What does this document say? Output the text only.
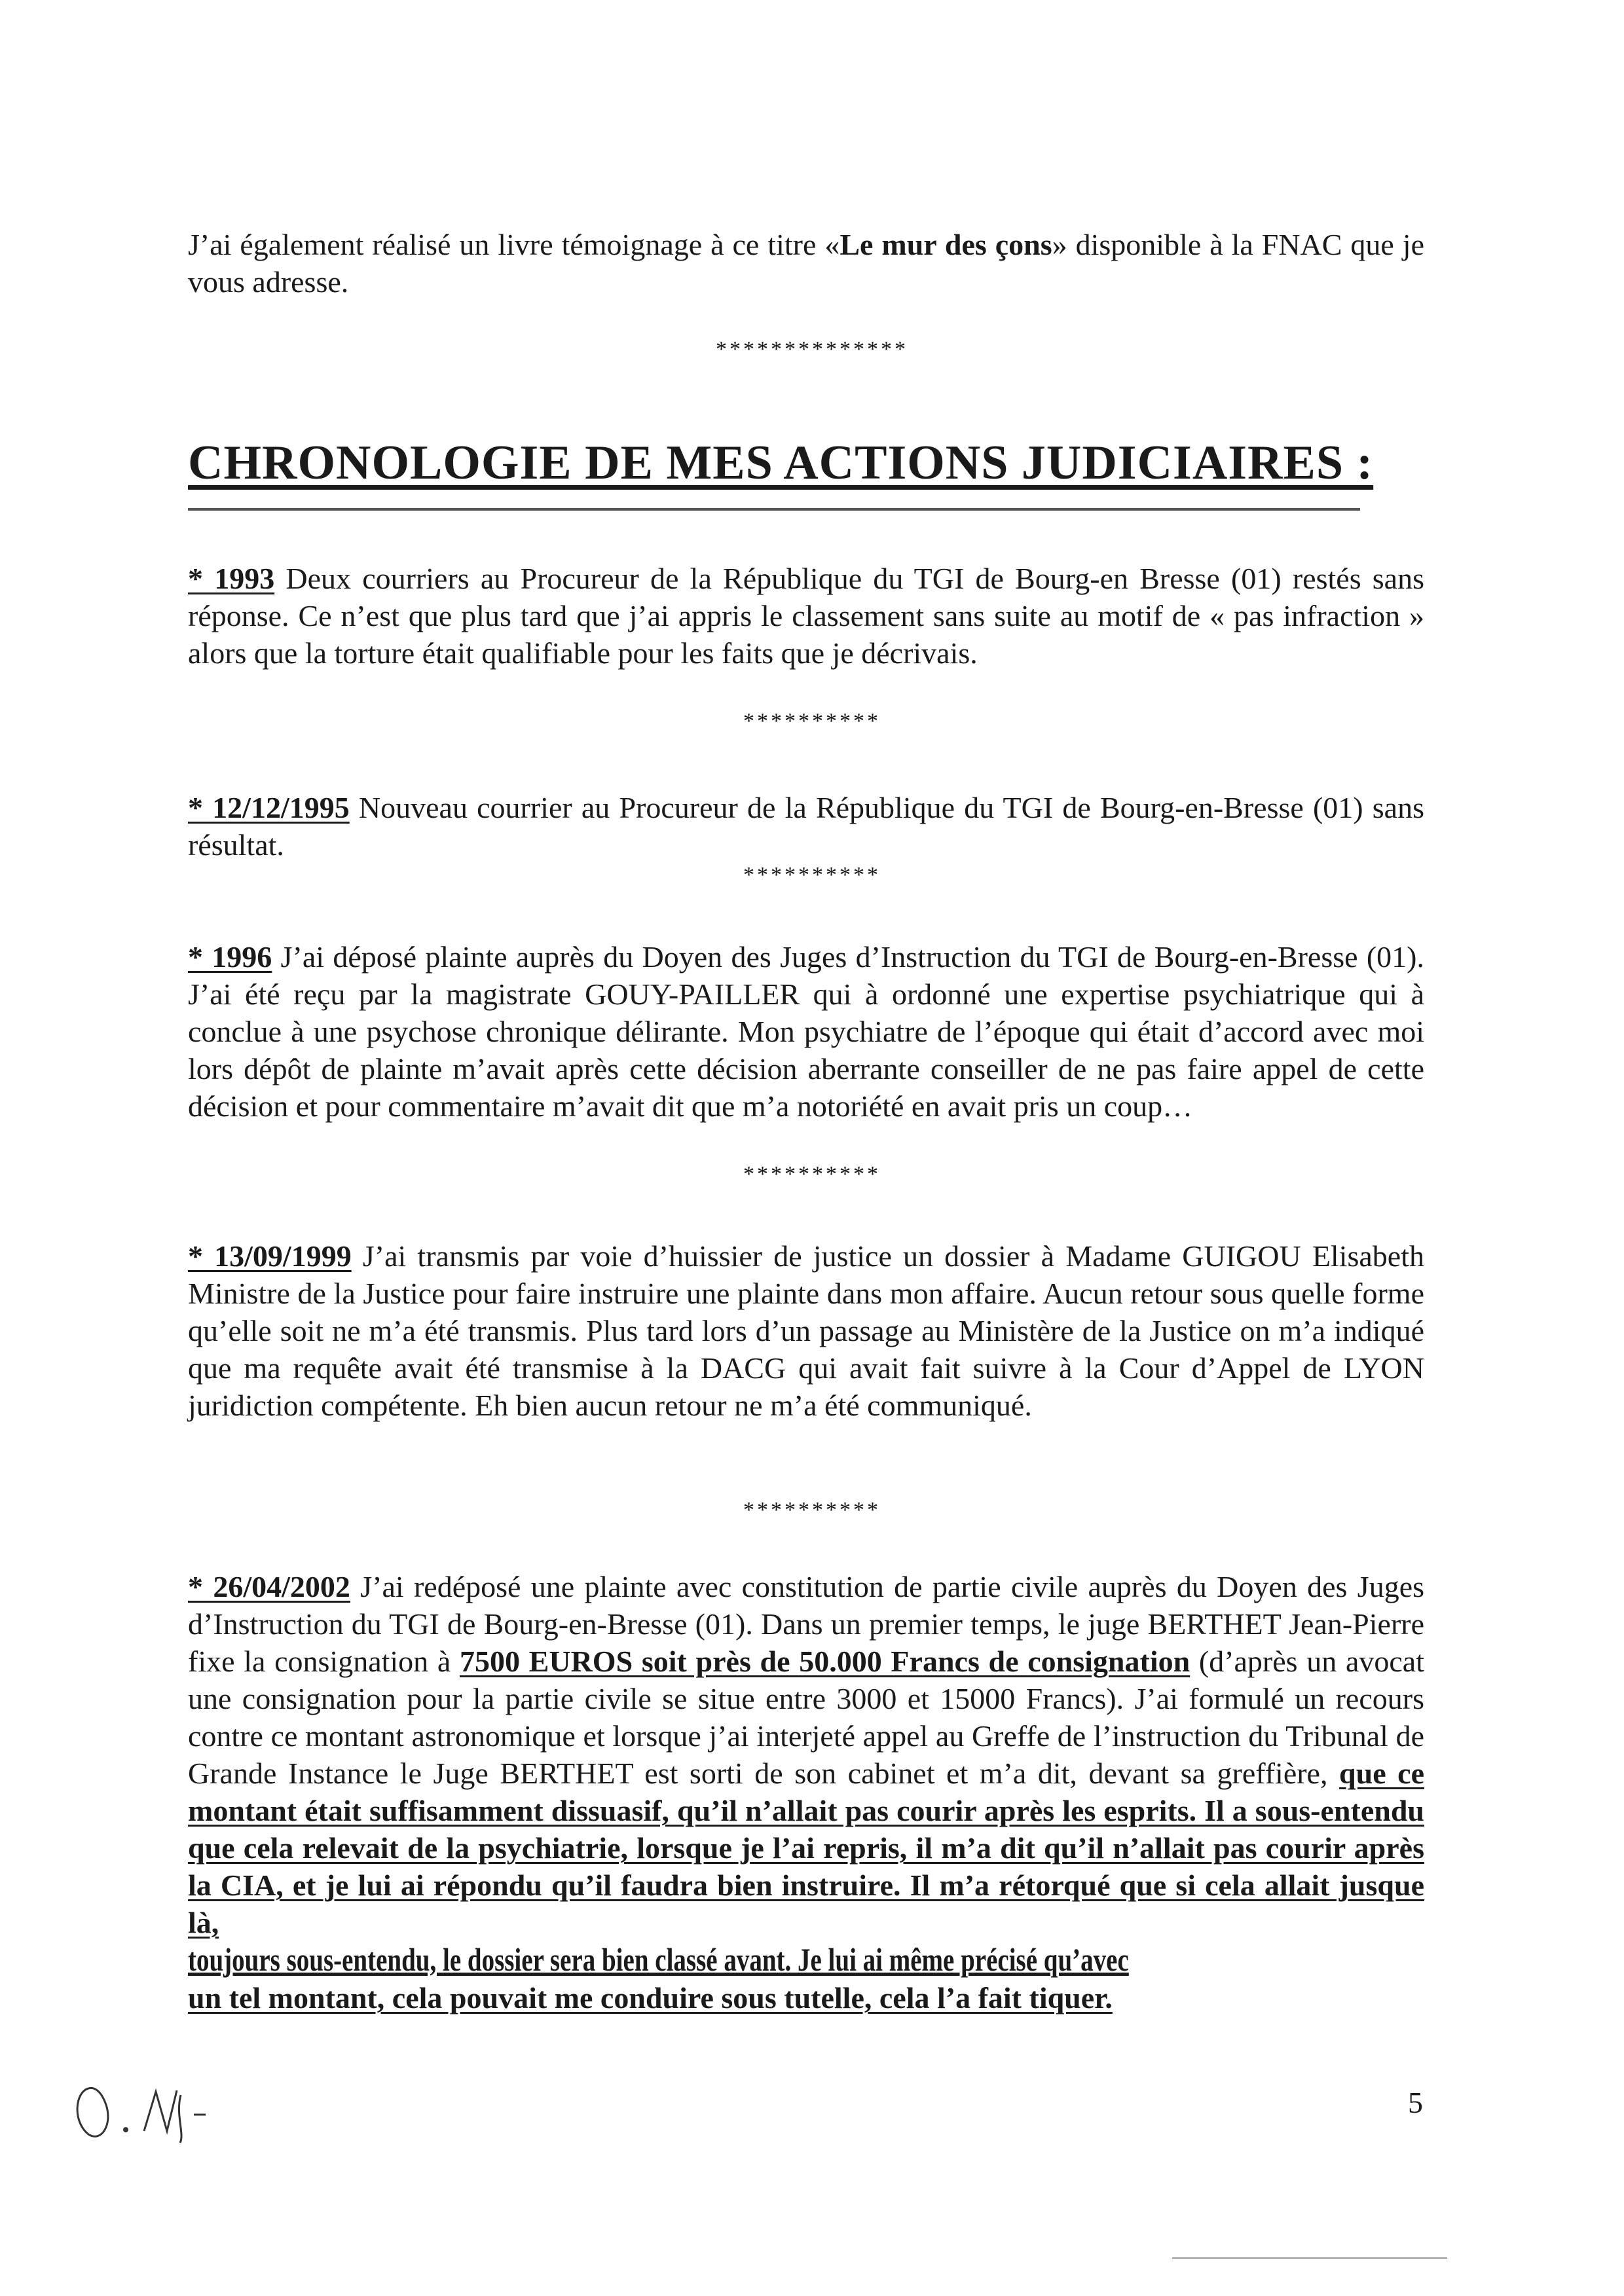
J’ai également réalisé un livre témoignage à ce titre «Le mur des çons» disponible à la FNAC que je vous adresse.
**************
CHRONOLOGIE DE MES ACTIONS JUDICIAIRES :
* 1993 Deux courriers au Procureur de la République du TGI de Bourg-en Bresse (01) restés sans réponse. Ce n’est que plus tard que j’ai appris le classement sans suite au motif de « pas infraction » alors que la torture était qualifiable pour les faits que je décrivais.
**********
* 12/12/1995 Nouveau courrier au Procureur de la République du TGI de Bourg-en-Bresse (01) sans résultat.
**********
* 1996 J’ai déposé plainte auprès du Doyen des Juges d’Instruction du TGI de Bourg-en-Bresse (01). J’ai été reçu par la magistrate GOUY-PAILLER qui à ordonné une expertise psychiatrique qui à conclue à une psychose chronique délirante. Mon psychiatre de l’époque qui était d’accord avec moi lors dépôt de plainte m’avait après cette décision aberrante conseiller de ne pas faire appel de cette décision et pour commentaire m’avait dit que m’a notoriété en avait pris un coup…
**********
* 13/09/1999 J’ai transmis par voie d’huissier de justice un dossier à Madame GUIGOU Elisabeth Ministre de la Justice pour faire instruire une plainte dans mon affaire. Aucun retour sous quelle forme qu’elle soit ne m’a été transmis. Plus tard lors d’un passage au Ministère de la Justice on m’a indiqué que ma requête avait été transmise à la DACG qui avait fait suivre à la Cour d’Appel de LYON juridiction compétente. Eh bien aucun retour ne m’a été communiqué.
**********
* 26/04/2002 J’ai redéposé une plainte avec constitution de partie civile auprès du Doyen des Juges d’Instruction du TGI de Bourg-en-Bresse (01). Dans un premier temps, le juge BERTHET Jean-Pierre fixe la consignation à 7500 EUROS soit près de 50.000 Francs de consignation (d’après un avocat une consignation pour la partie civile se situe entre 3000 et 15000 Francs). J’ai formulé un recours contre ce montant astronomique et lorsque j’ai interjeté appel au Greffe de l’instruction du Tribunal de Grande Instance le Juge BERTHET est sorti de son cabinet et m’a dit, devant sa greffière, que ce montant était suffisamment dissuasif, qu’il n’allait pas courir après les esprits. Il a sous-entendu que cela relevait de la psychiatrie, lorsque je l’ai repris, il m’a dit qu’il n’allait pas courir après la CIA, et je lui ai répondu qu’il faudra bien instruire. Il m’a rétorqué que si cela allait jusque là,
toujours sous-entendu, le dossier sera bien classé avant. Je lui ai même précisé qu’avec
un tel montant, cela pouvait me conduire sous tutelle, cela l’a fait tiquer.
5
